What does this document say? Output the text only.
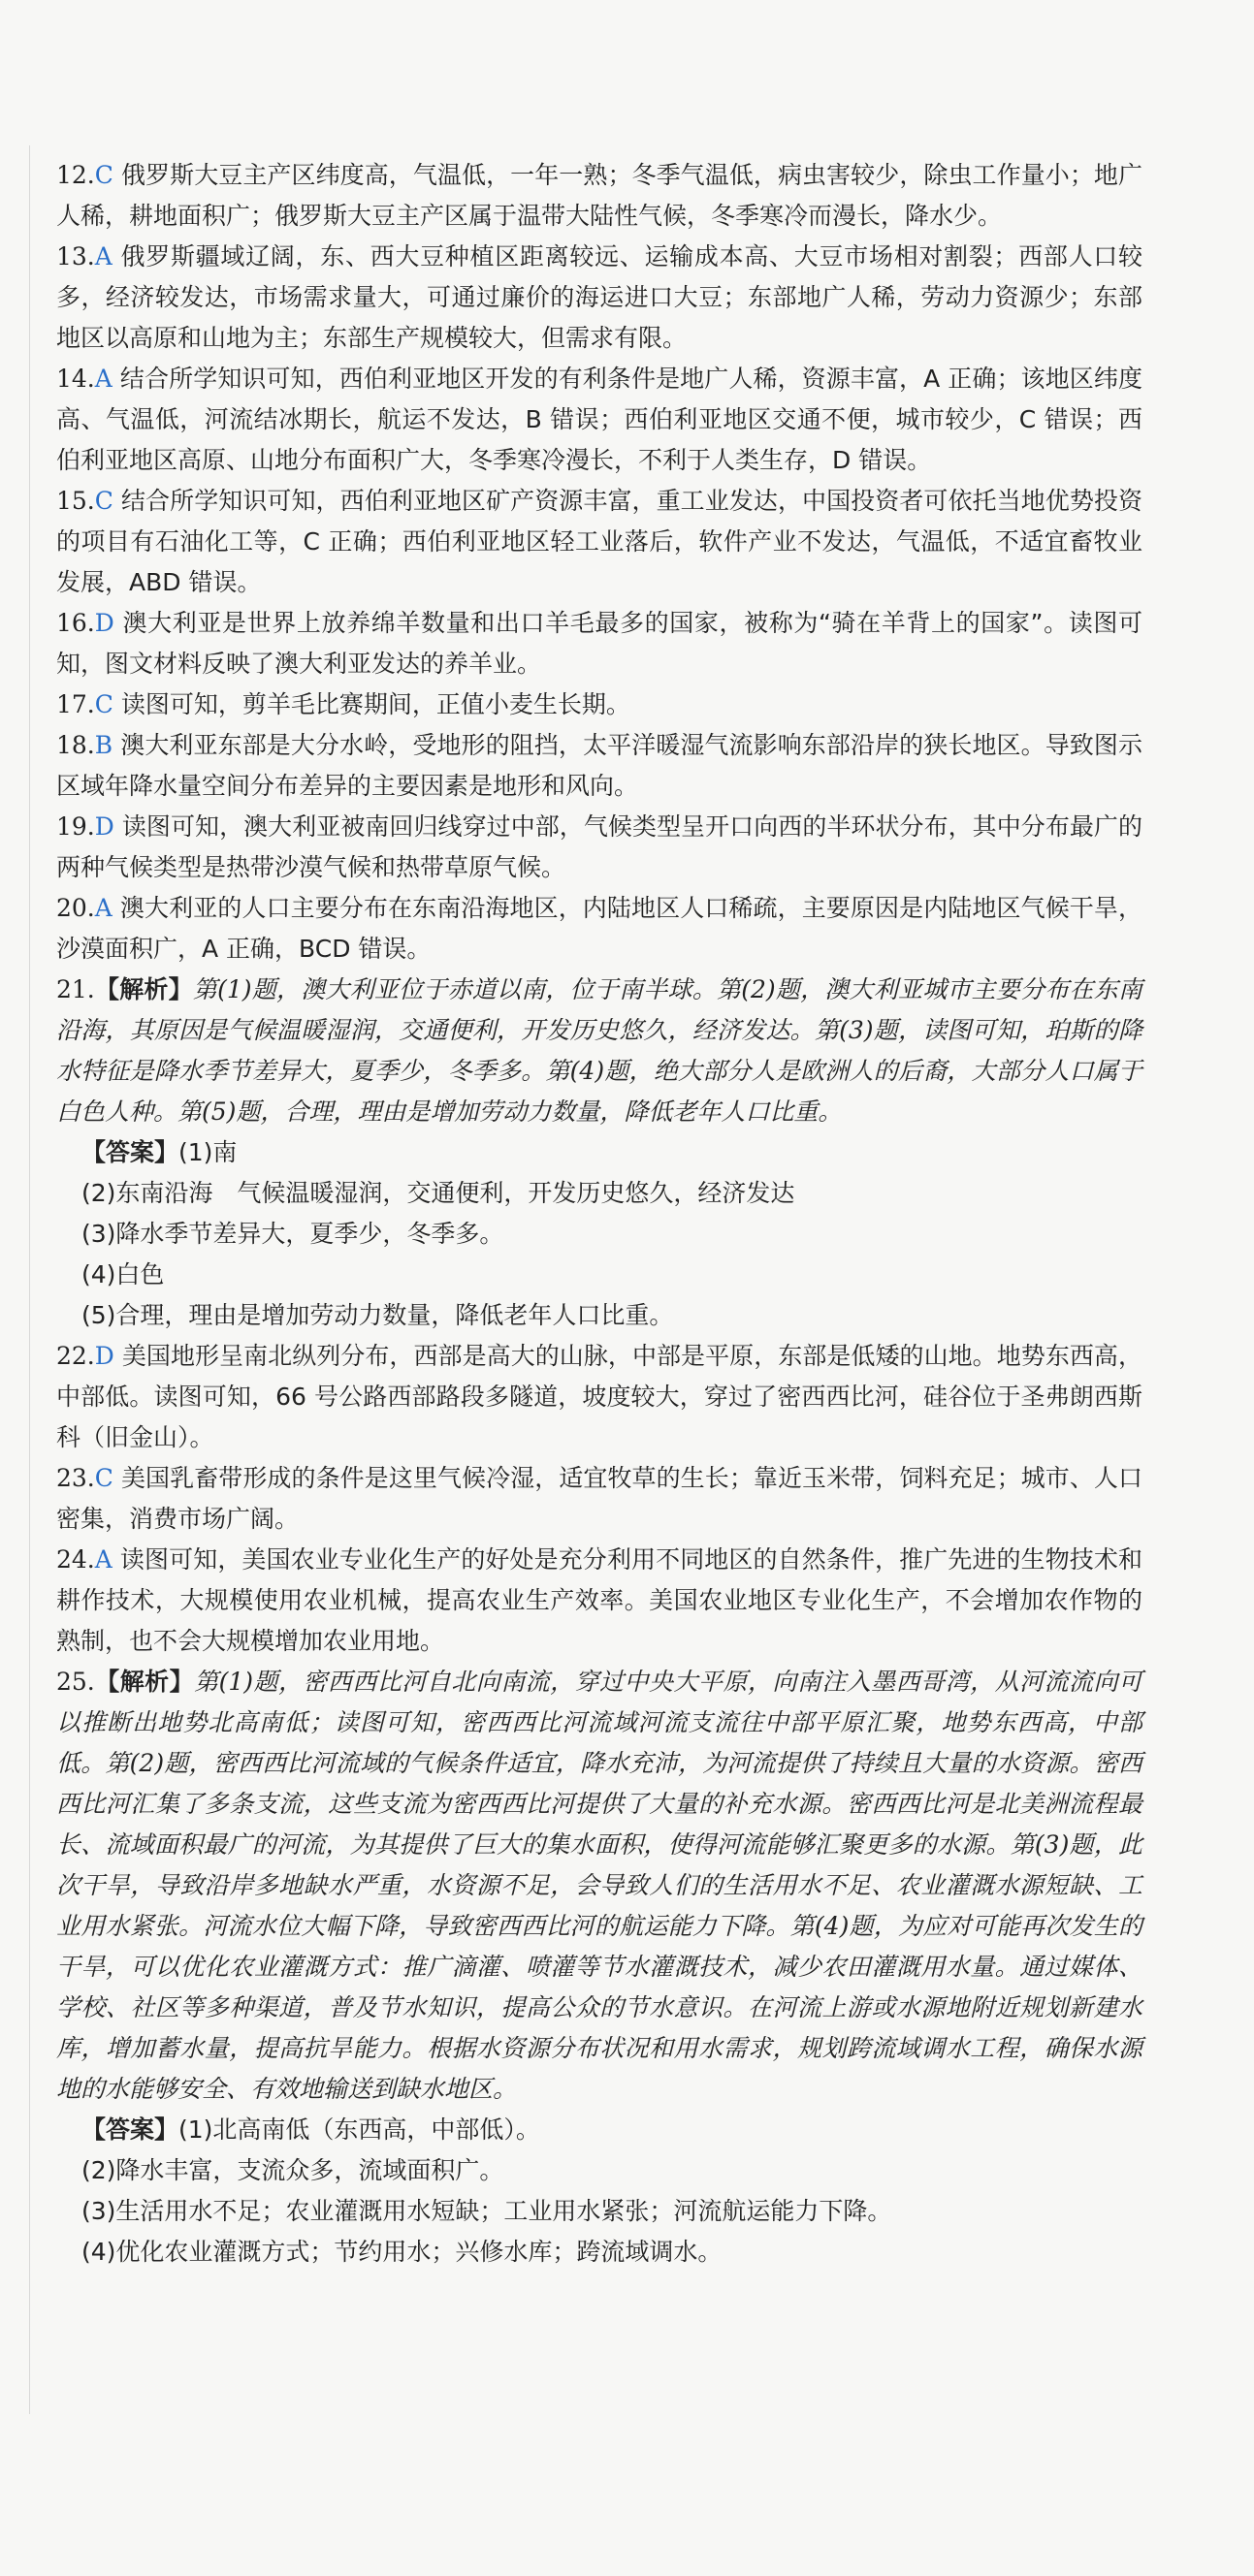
12.C 俄罗斯大豆主产区纬度高，气温低，一年一熟；冬季气温低，病虫害较少，除虫工作量小；地广人稀，耕地面积广；俄罗斯大豆主产区属于温带大陆性气候，冬季寒冷而漫长，降水少。

13.A 俄罗斯疆域辽阔，东、西大豆种植区距离较远、运输成本高、大豆市场相对割裂；西部人口较多，经济较发达，市场需求量大，可通过廉价的海运进口大豆；东部地广人稀，劳动力资源少；东部地区以高原和山地为主；东部生产规模较大，但需求有限。

14.A 结合所学知识可知，西伯利亚地区开发的有利条件是地广人稀，资源丰富，A 正确；该地区纬度高、气温低，河流结冰期长，航运不发达，B 错误；西伯利亚地区交通不便，城市较少，C 错误；西伯利亚地区高原、山地分布面积广大，冬季寒冷漫长，不利于人类生存，D 错误。

15.C 结合所学知识可知，西伯利亚地区矿产资源丰富，重工业发达，中国投资者可依托当地优势投资的项目有石油化工等，C 正确；西伯利亚地区轻工业落后，软件产业不发达，气温低，不适宜畜牧业发展，ABD 错误。

16.D 澳大利亚是世界上放养绵羊数量和出口羊毛最多的国家，被称为“骑在羊背上的国家”。读图可知，图文材料反映了澳大利亚发达的养羊业。

17.C 读图可知，剪羊毛比赛期间，正值小麦生长期。

18.B 澳大利亚东部是大分水岭，受地形的阻挡，太平洋暖湿气流影响东部沿岸的狭长地区。导致图示区域年降水量空间分布差异的主要因素是地形和风向。

19.D 读图可知，澳大利亚被南回归线穿过中部，气候类型呈开口向西的半环状分布，其中分布最广的两种气候类型是热带沙漠气候和热带草原气候。

20.A 澳大利亚的人口主要分布在东南沿海地区，内陆地区人口稀疏，主要原因是内陆地区气候干旱，沙漠面积广，A 正确，BCD 错误。

21.【解析】第(1)题，澳大利亚位于赤道以南，位于南半球。第(2)题，澳大利亚城市主要分布在东南沿海，其原因是气候温暖湿润，交通便利，开发历史悠久，经济发达。第(3)题，读图可知，珀斯的降水特征是降水季节差异大，夏季少，冬季多。第(4)题，绝大部分人是欧洲人的后裔，大部分人口属于白色人种。第(5)题，合理，理由是增加劳动力数量，降低老年人口比重。

【答案】(1)南

(2)东南沿海　气候温暖湿润，交通便利，开发历史悠久，经济发达

(3)降水季节差异大，夏季少，冬季多。

(4)白色

(5)合理，理由是增加劳动力数量，降低老年人口比重。

22.D 美国地形呈南北纵列分布，西部是高大的山脉，中部是平原，东部是低矮的山地。地势东西高，中部低。读图可知，66 号公路西部路段多隧道，坡度较大，穿过了密西西比河，硅谷位于圣弗朗西斯科（旧金山）。

23.C 美国乳畜带形成的条件是这里气候冷湿，适宜牧草的生长；靠近玉米带，饲料充足；城市、人口密集，消费市场广阔。

24.A 读图可知，美国农业专业化生产的好处是充分利用不同地区的自然条件，推广先进的生物技术和耕作技术，大规模使用农业机械，提高农业生产效率。美国农业地区专业化生产，不会增加农作物的熟制，也不会大规模增加农业用地。

25.【解析】第(1)题，密西西比河自北向南流，穿过中央大平原，向南注入墨西哥湾，从河流流向可以推断出地势北高南低；读图可知，密西西比河流域河流支流往中部平原汇聚，地势东西高，中部低。第(2)题，密西西比河流域的气候条件适宜，降水充沛，为河流提供了持续且大量的水资源。密西西比河汇集了多条支流，这些支流为密西西比河提供了大量的补充水源。密西西比河是北美洲流程最长、流域面积最广的河流，为其提供了巨大的集水面积，使得河流能够汇聚更多的水源。第(3)题，此次干旱，导致沿岸多地缺水严重，水资源不足，会导致人们的生活用水不足、农业灌溉水源短缺、工业用水紧张。河流水位大幅下降，导致密西西比河的航运能力下降。第(4)题，为应对可能再次发生的干旱，可以优化农业灌溉方式：推广滴灌、喷灌等节水灌溉技术，减少农田灌溉用水量。通过媒体、学校、社区等多种渠道，普及节水知识，提高公众的节水意识。在河流上游或水源地附近规划新建水库，增加蓄水量，提高抗旱能力。根据水资源分布状况和用水需求，规划跨流域调水工程，确保水源地的水能够安全、有效地输送到缺水地区。

【答案】(1)北高南低（东西高，中部低）。

(2)降水丰富，支流众多，流域面积广。

(3)生活用水不足；农业灌溉用水短缺；工业用水紧张；河流航运能力下降。

(4)优化农业灌溉方式；节约用水；兴修水库；跨流域调水。
